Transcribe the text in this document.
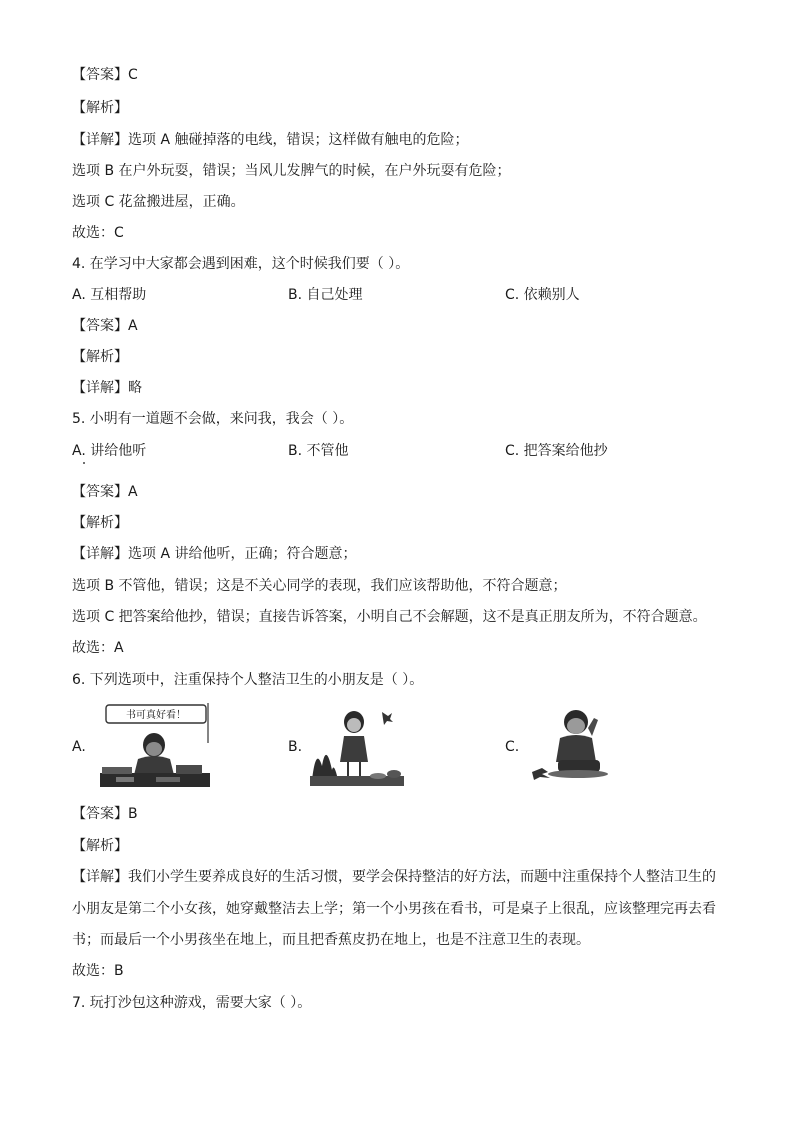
【答案】C
【解析】
【详解】选项 A 触碰掉落的电线，错误；这样做有触电的危险；
选项 B 在户外玩耍，错误；当风儿发脾气的时候，在户外玩耍有危险；
选项 C 花盆搬进屋，正确。
故选：C
4. 在学习中大家都会遇到困难，这个时候我们要（ ）。
A. 互相帮助	B. 自己处理	C. 依赖别人
【答案】A
【解析】
【详解】略
5. 小明有一道题不会做，来问我，我会（ ）。
A. 讲给他听	B. 不管他	C. 把答案给他抄
【答案】A
【解析】
【详解】选项 A 讲给他听，正确；符合题意；
选项 B 不管他，错误；这是不关心同学的表现，我们应该帮助他，不符合题意；
选项 C 把答案给他抄，错误；直接告诉答案，小明自己不会解题，这不是真正朋友所为，不符合题意。
故选：A
6. 下列选项中，注重保持个人整洁卫生的小朋友是（ ）。
A.
书可真好看！
B.	C.
【答案】B
【解析】
【详解】我们小学生要养成良好的生活习惯，要学会保持整洁的好方法，而题中注重保持个人整洁卫生的
小朋友是第二个小女孩，她穿戴整洁去上学；第一个小男孩在看书，可是桌子上很乱，应该整理完再去看
书；而最后一个小男孩坐在地上，而且把香蕉皮扔在地上，也是不注意卫生的表现。
故选：B
7. 玩打沙包这种游戏，需要大家（ ）。
